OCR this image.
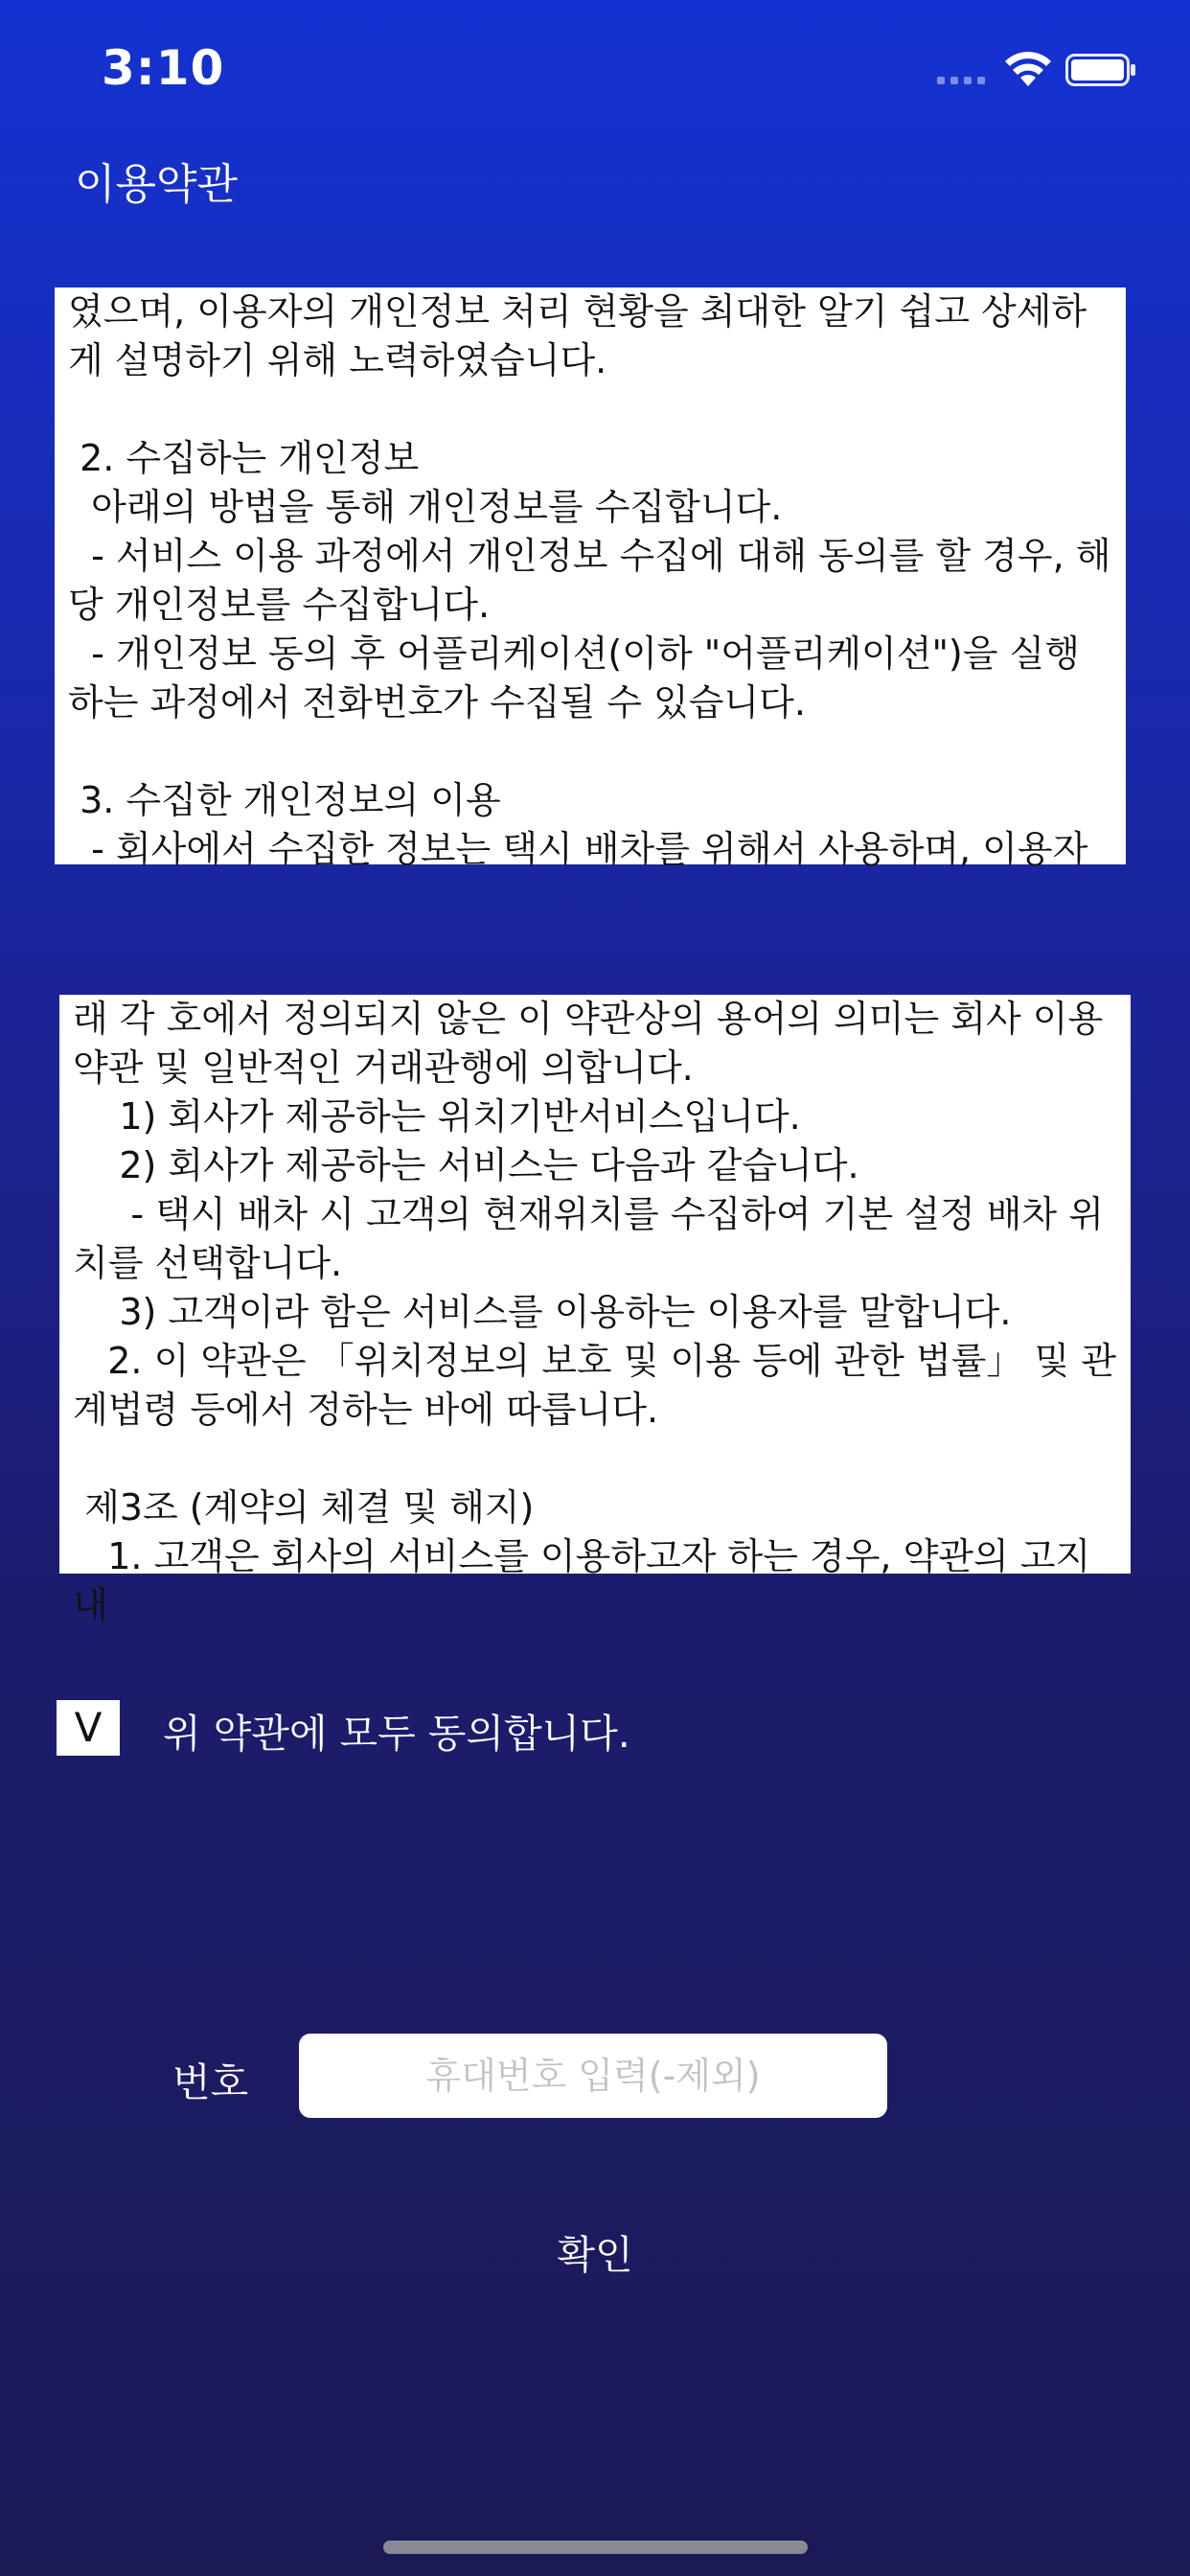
3:10
이용약관

였으며, 이용자의 개인정보 처리 현황을 최대한 알기 쉽고 상세하게 설명하기 위해 노력하였습니다.

2. 수집하는 개인정보
아래의 방법을 통해 개인정보를 수집합니다.
- 서비스 이용 과정에서 개인정보 수집에 대해 동의를 할 경우, 해당 개인정보를 수집합니다.
- 개인정보 동의 후 어플리케이션(이하 "어플리케이션")을 실행하는 과정에서 전화번호가 수집될 수 있습니다.

3. 수집한 개인정보의 이용
- 회사에서 수집한 정보는 택시 배차를 위해서 사용하며, 이용자

래 각 호에서 정의되지 않은 이 약관상의 용어의 의미는 회사 이용약관 및 일반적인 거래관행에 의합니다.
1) 회사가 제공하는 위치기반서비스입니다.
2) 회사가 제공하는 서비스는 다음과 같습니다.
- 택시 배차 시 고객의 현재위치를 수집하여 기본 설정 배차 위치를 선택합니다.
3) 고객이라 함은 서비스를 이용하는 이용자를 말합니다.
2. 이 약관은 「위치정보의 보호 및 이용 등에 관한 법률」 및 관계법령 등에서 정하는 바에 따릅니다.

제3조 (계약의 체결 및 해지)
1. 고객은 회사의 서비스를 이용하고자 하는 경우, 약관의 고지 내

V	위 약관에 모두 동의합니다.
번호
휴대번호 입력(-제외)
확인
